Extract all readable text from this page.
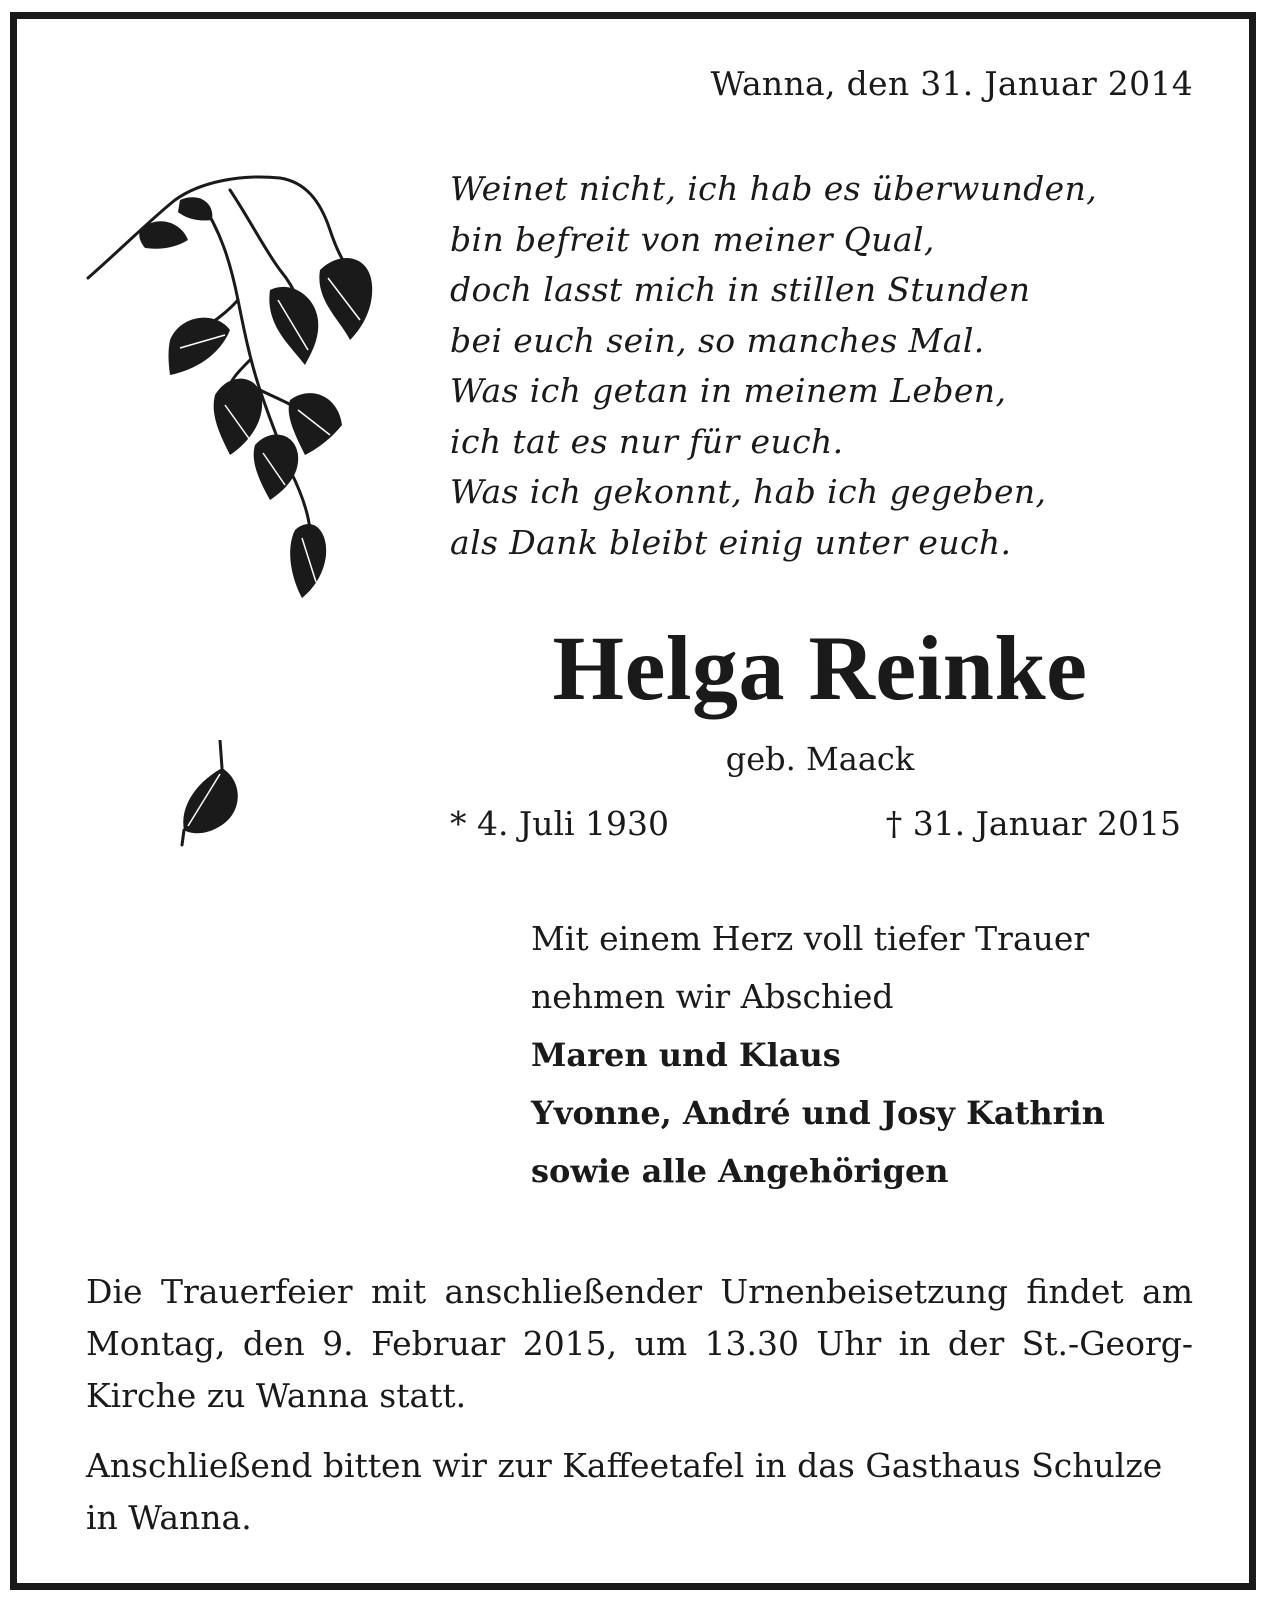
Wanna, den 31. Januar 2014
Weinet nicht, ich hab es überwunden,
bin befreit von meiner Qual,
doch lasst mich in stillen Stunden
bei euch sein, so manches Mal.
Was ich getan in meinem Leben,
ich tat es nur für euch.
Was ich gekonnt, hab ich gegeben,
als Dank bleibt einig unter euch.
Helga Reinke
geb. Maack
* 4. Juli 1930	† 31. Januar 2015
Mit einem Herz voll tiefer Trauer
nehmen wir Abschied
Maren und Klaus
Yvonne, André und Josy Kathrin
sowie alle Angehörigen

Die Trauerfeier mit anschließender Urnenbeisetzung findet am Montag, den 9. Februar 2015, um 13.30 Uhr in der St.-Georg-Kirche zu Wanna statt.

Anschließend bitten wir zur Kaffeetafel in das Gasthaus Schulze in Wanna.
